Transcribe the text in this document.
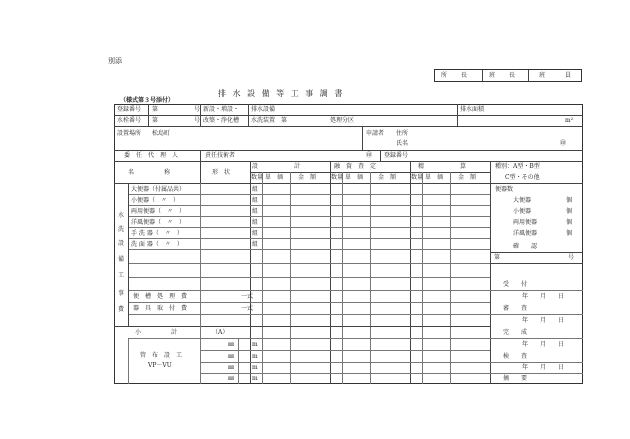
別添
所 長	班 長	班	員
排 水 設 備 等 工 事 調 書
（様式第３号添付）
登録番号 第　　　　　　号
水栓番号 第　　　　　　号
新設・増設・
改築・浄化槽
排水設備
水洗装置　第	処理分区
排水面積
m²
設置場所 松島町	申請者 住所
氏名	㊞
委　任　代　理　人	責任技術者	㊞ 登録番号
名　　　　　称	形　状
設　　　　　　計	融　資　査　定	精　　　　　　算	種別：A型・B型
C型・その他
数量 単　価 金　額 数量 単　価 金　額 数量 単　価 金　額
水
洗
設
備
工
事
費
大便器（付属品共）	組
小便器（　〃　）	組
両用便器（　〃　）	組
洋風便器（　〃　）	組
手 洗 器（　〃　）	組
洗 面 器（　〃　）	組
便　槽　処　理　費	一式
器　具　取　付　費	一式
小　　　　　計	（A）
管　布　設　工
VP－VU
㎜	m
㎜	m
㎜	m
㎜	m
便器数
大便器	個
小便器	個
両用便器	個
洋風便器	個
確　　認
第	号
受　　付
年　　月　　日
審　　査
年　　月　　日
完　　成
年　　月　　日
検　　査
年　　月　　日
摘　　要
